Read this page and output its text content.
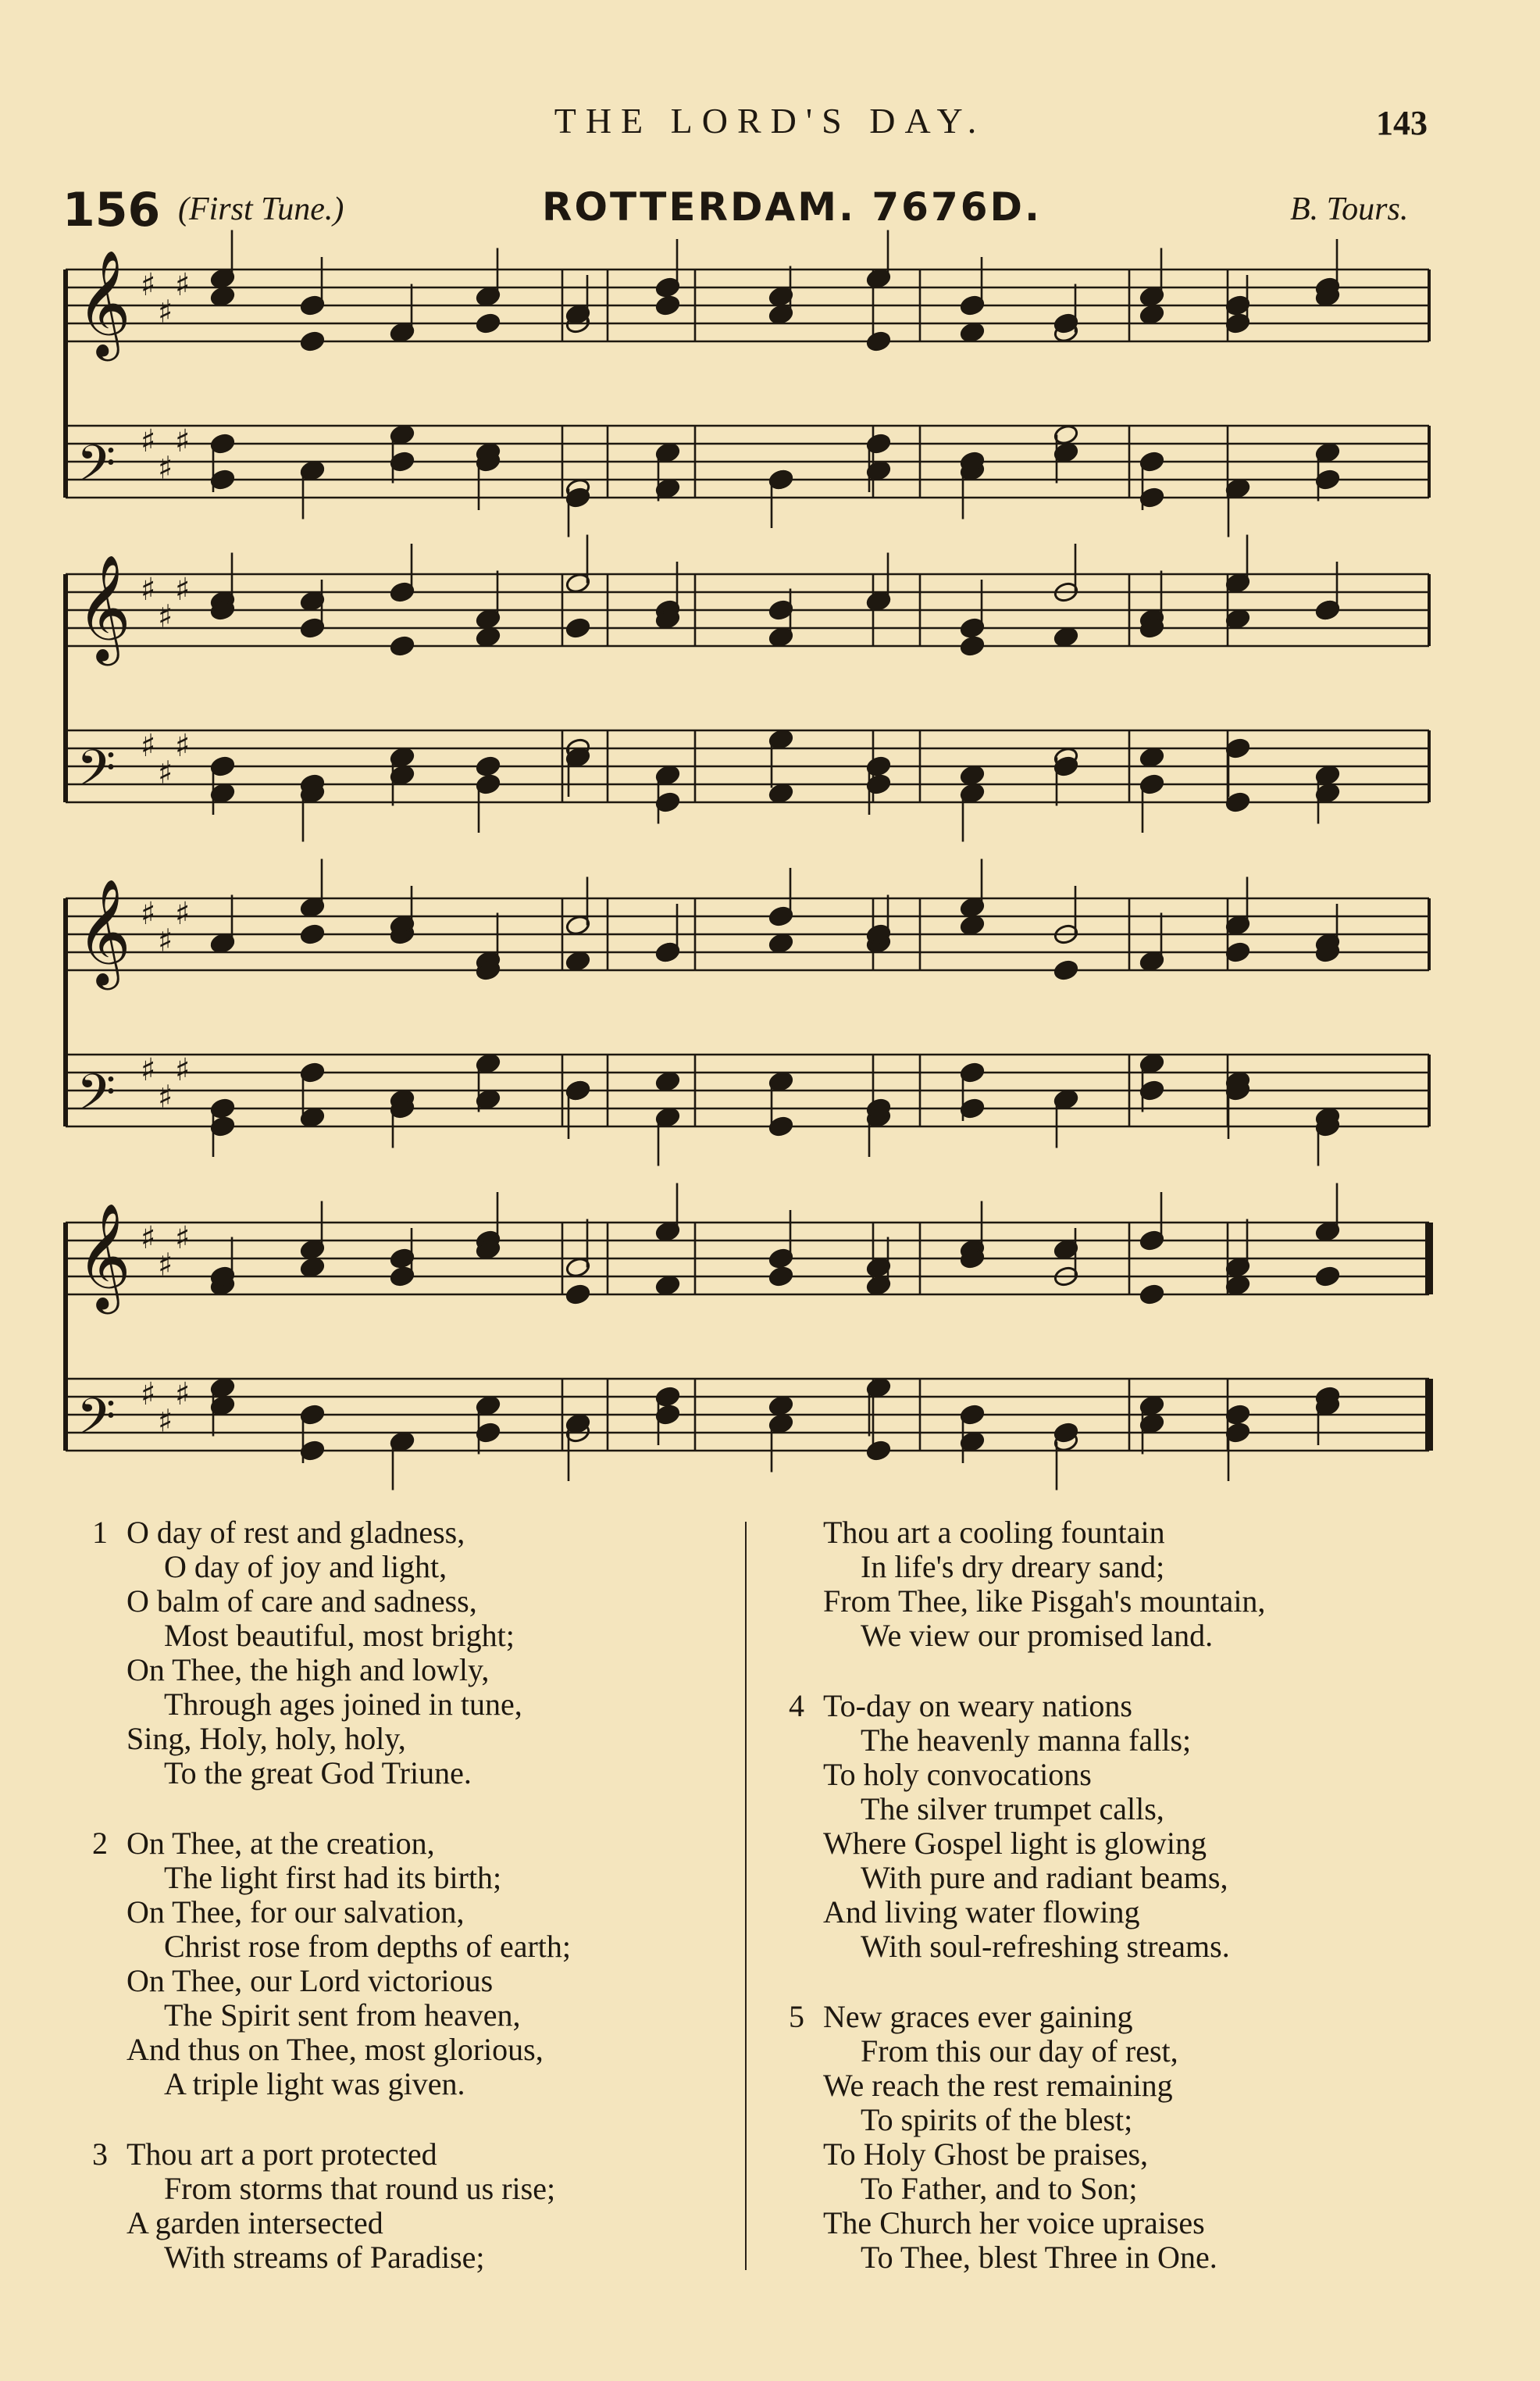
THE LORD'S DAY.	143
156 (First Tune.)	ROTTERDAM. 7676D.	B. Tours.
𝄞 ♯
♯
♯
𝄢 ♯
♯
♯
𝄞 ♯
♯
♯
𝄢 ♯
♯
♯
𝄞 ♯
♯
♯
𝄢 ♯
♯
♯
𝄞 ♯
♯
♯
𝄢 ♯
♯
♯
1 O day of rest and gladness,
O day of joy and light,
O balm of care and sadness,
Most beautiful, most bright;
On Thee, the high and lowly,
Through ages joined in tune,
Sing, Holy, holy, holy,
To the great God Triune.
2 On Thee, at the creation,
The light first had its birth;
On Thee, for our salvation,
Christ rose from depths of earth;
On Thee, our Lord victorious
The Spirit sent from heaven,
And thus on Thee, most glorious,
A triple light was given.
3 Thou art a port protected
From storms that round us rise;
A garden intersected
With streams of Paradise;
Thou art a cooling fountain
In life's dry dreary sand;
From Thee, like Pisgah's mountain,
We view our promised land.
4 To-day on weary nations
The heavenly manna falls;
To holy convocations
The silver trumpet calls,
Where Gospel light is glowing
With pure and radiant beams,
And living water flowing
With soul-refreshing streams.
5 New graces ever gaining
From this our day of rest,
We reach the rest remaining
To spirits of the blest;
To Holy Ghost be praises,
To Father, and to Son;
The Church her voice upraises
To Thee, blest Three in One.
